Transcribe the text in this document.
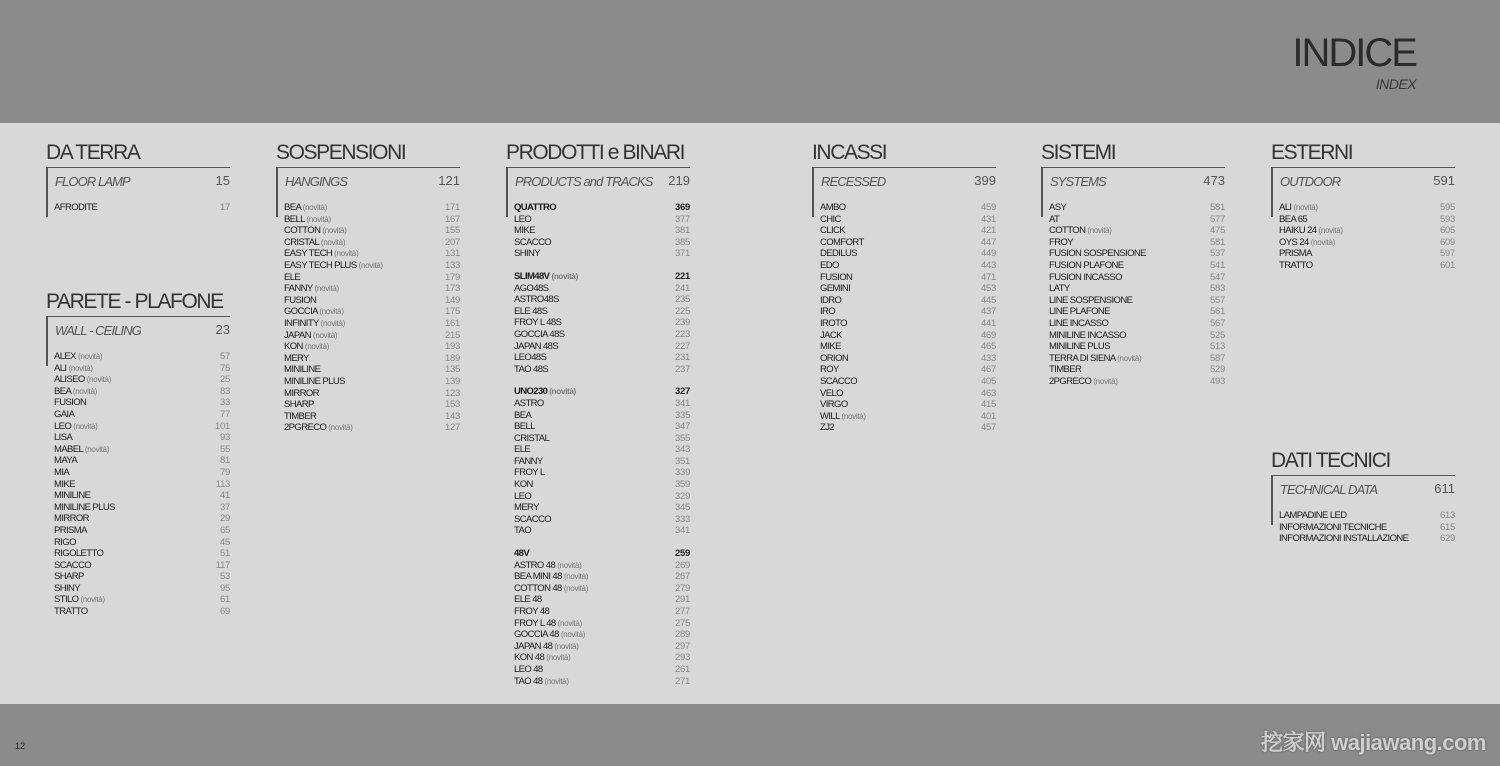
INDICE
INDEX
DA TERRA
FLOOR LAMP	15
AFRODITE	17
PARETE - PLAFONE
WALL - CEILING	23
ALEX (novità)	57
ALI (novità)	75
ALISEO (novità)	25
BEA (novità)	83
FUSION	33
GAIA	77
LEO (novità)	101
LISA	93
MABEL (novità)	55
MAYA	81
MIA	79
MIKE	113
MINILINE	41
MINILINE PLUS	37
MIRROR	29
PRISMA	65
RIGO	45
RIGOLETTO	51
SCACCO	117
SHARP	53
SHINY	95
STILO (novità)	61
TRATTO	69
SOSPENSIONI
HANGINGS	121
BEA (novità)	171
BELL (novità)	167
COTTON (novità)	155
CRISTAL (novità)	207
EASY TECH (novità)	131
EASY TECH PLUS (novità)	133
ELE	179
FANNY (novità)	173
FUSION	149
GOCCIA (novità)	175
INFINITY (novità)	161
JAPAN (novità)	215
KON (novità)	193
MERY	189
MINILINE	135
MINILINE PLUS	139
MIRROR	123
SHARP	153
TIMBER	143
2PGRECO (novità)	127
PRODOTTI e BINARI
PRODUCTS and TRACKS 219
QUATTRO	369
LEO	377
MIKE	381
SCACCO	385
SHINY	371
SLIM48V (novità)	221
AGO48S	241
ASTRO48S	235
ELE 48S	225
FROY L 48S	239
GOCCIA 48S	223
JAPAN 48S	227
LEO48S	231
TAO 48S	237
UNO230 (novità)	327
ASTRO	341
BEA	335
BELL	347
CRISTAL	355
ELE	343
FANNY	351
FROY L	339
KON	359
LEO	329
MERY	345
SCACCO	333
TAO	341
48V	259
ASTRO 48 (novità)	269
BEA MINI 48 (novità)	267
COTTON 48 (novità)	279
ELE 48	291
FROY 48	277
FROY L 48 (novità)	275
GOCCIA 48 (novità)	289
JAPAN 48 (novità)	297
KON 48 (novità)	293
LEO 48	261
TAO 48 (novità)	271
INCASSI
RECESSED	399
AMBO	459
CHIC	431
CLICK	421
COMFORT	447
DEDILUS	449
EDO	443
FUSION	471
GEMINI	453
IDRO	445
IRO	437
IROTO	441
JACK	469
MIKE	465
ORION	433
ROY	467
SCACCO	405
VELO	463
VIRGO	415
WILL (novità)	401
ZJ2	457
SISTEMI
SYSTEMS	473
ASY	581
AT	577
COTTON (novità)	475
FROY	581
FUSION SOSPENSIONE	537
FUSION PLAFONE	541
FUSION INCASSO	547
LATY	583
LINE SOSPENSIONE	557
LINE PLAFONE	561
LINE INCASSO	567
MINILINE INCASSO	525
MINILINE PLUS	513
TERRA DI SIENA (novità)	587
TIMBER	529
2PGRECO (novità)	493
ESTERNI
OUTDOOR	591
ALI (novità)	595
BEA 65	593
HAIKU 24 (novità)	605
OYS 24 (novità)	609
PRISMA	597
TRATTO	601
DATI TECNICI
TECHNICAL DATA	611
LAMPADINE LED	613
INFORMAZIONI TECNICHE	615
INFORMAZIONI INSTALLAZIONE	629
12	挖家网 wajiawang.com
